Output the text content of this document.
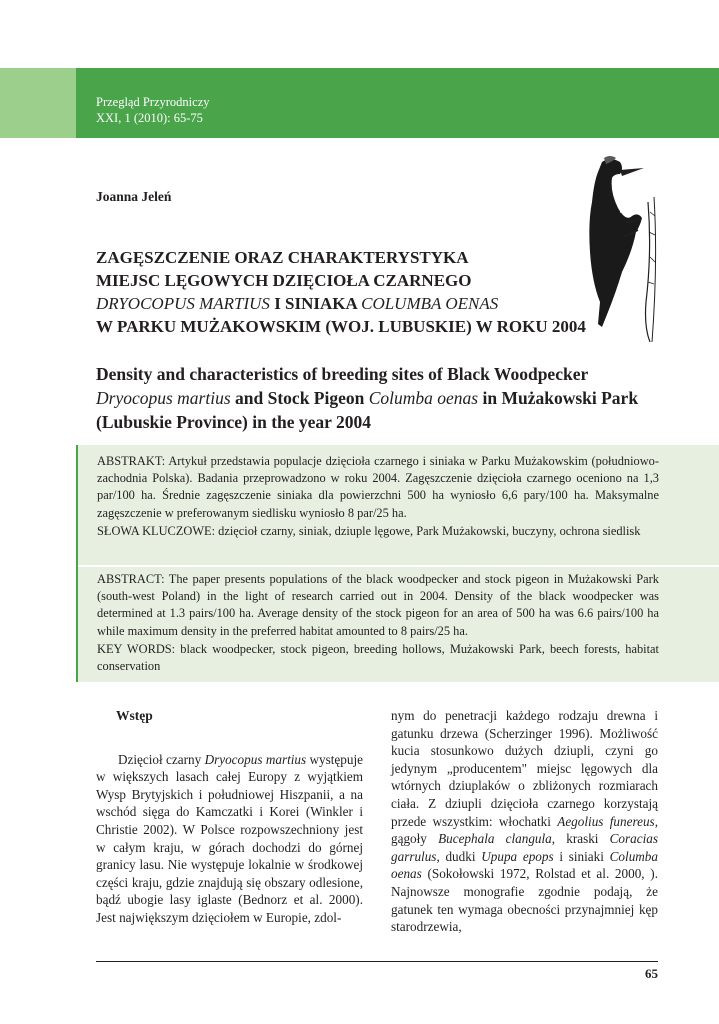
Przegląd Przyrodniczy
XXI, 1 (2010): 65-75
Joanna Jeleń
ZAGĘSZCZENIE ORAZ CHARAKTERYSTYKA
MIEJSC LĘGOWYCH DZIĘCIOŁA CZARNEGO
DRYOCOPUS MARTIUS I SINIAKA COLUMBA OENAS
W PARKU MUŻAKOWSKIM (WOJ. LUBUSKIE) W ROKU 2004
Density and characteristics of breeding sites of Black Woodpecker
Dryocopus martius and Stock Pigeon Columba oenas in Mużakowski Park
(Lubuskie Province) in the year 2004
ABSTRAKT: Artykuł przedstawia populacje dzięcioła czarnego i siniaka w Parku Mużakowskim (południowo-zachodnia Polska). Badania przeprowadzono w roku 2004. Zagęszczenie dzięcioła czarnego oceniono na 1,3 par/100 ha. Średnie zagęszczenie siniaka dla powierzchni 500 ha wyniosło 6,6 pary/100 ha. Maksymalne zagęszczenie w preferowanym siedlisku wyniosło 8 par/25 ha.
SŁOWA KLUCZOWE: dzięcioł czarny, siniak, dziuple lęgowe, Park Mużakowski, buczyny, ochrona siedlisk
ABSTRACT: The paper presents populations of the black woodpecker and stock pigeon in Mużakowski Park (south-west Poland) in the light of research carried out in 2004. Density of the black woodpecker was determined at 1.3 pairs/100 ha. Average density of the stock pigeon for an area of 500 ha was 6.6 pairs/100 ha while maximum density in the preferred habitat amounted to 8 pairs/25 ha.
KEY WORDS: black woodpecker, stock pigeon, breeding hollows, Mużakowski Park, beech forests, habitat conservation
Wstęp

Dzięcioł czarny Dryocopus martius występuje w większych lasach całej Europy z wyjątkiem Wysp Brytyjskich i południowej Hiszpanii, a na wschód sięga do Kamczatki i Korei (Winkler i Christie 2002). W Polsce rozpowszechniony jest w całym kraju, w górach dochodzi do górnej granicy lasu. Nie występuje lokalnie w środkowej części kraju, gdzie znajdują się obszary odlesione, bądź ubogie lasy iglaste (Bednorz et al. 2000). Jest największym dzięciołem w Europie, zdol-

nym do penetracji każdego rodzaju drewna i gatunku drzewa (Scherzinger 1996). Możliwość kucia stosunkowo dużych dziupli, czyni go jedynym „producentem" miejsc lęgowych dla wtórnych dziuplaków o zbliżonych rozmiarach ciała. Z dziupli dzięcioła czarnego korzystają przede wszystkim: włochatki Aegolius funereus, gągoły Bucephala clangula, kraski Coracias garrulus, dudki Upupa epops i siniaki Columba oenas (Sokołowski 1972, Rolstad et al. 2000, ). Najnowsze monografie zgodnie podają, że gatunek ten wymaga obecności przynajmniej kęp starodrzewia,

65
